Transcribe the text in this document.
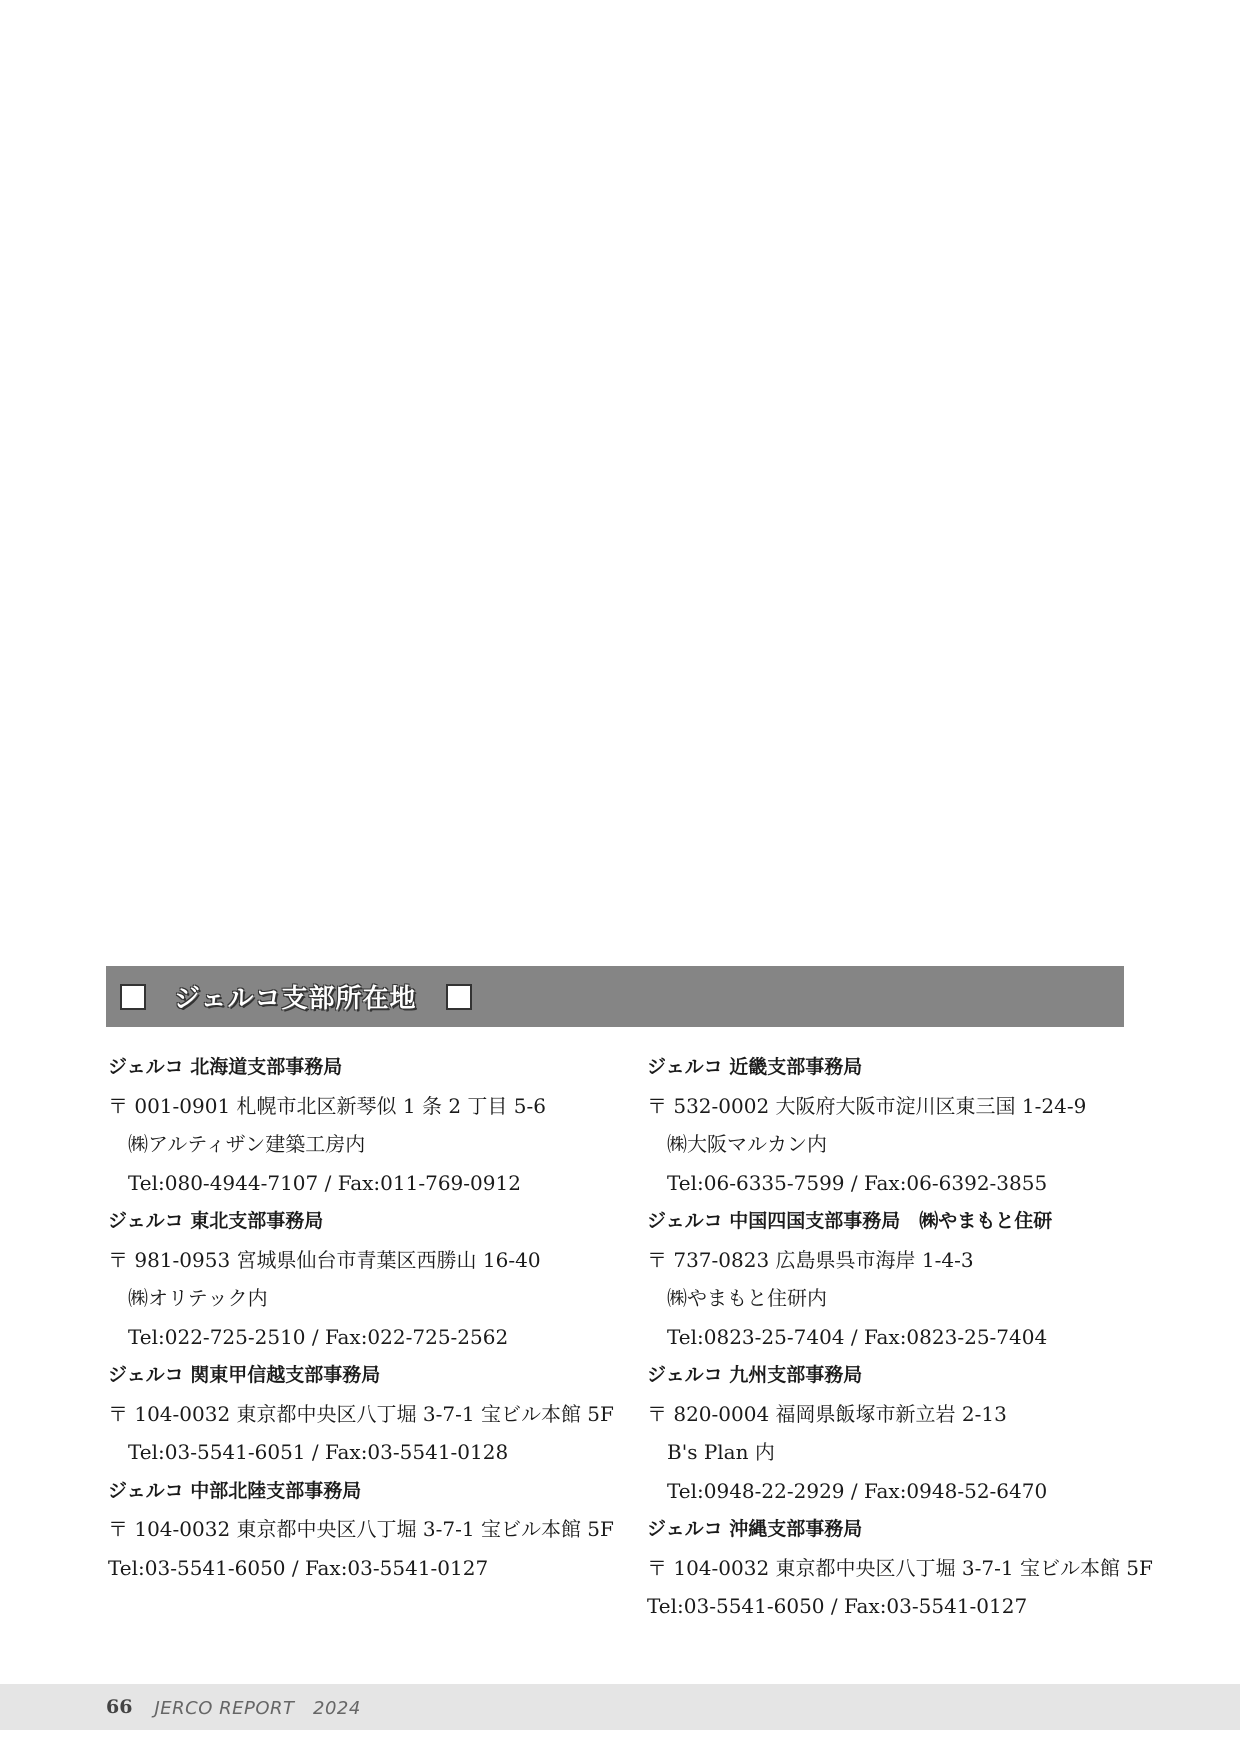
ジェルコ支部所在地
ジェルコ 北海道支部事務局
〒 001-0901 札幌市北区新琴似 1 条 2 丁目 5-6
㈱アルティザン建築工房内
Tel:080-4944-7107 / Fax:011-769-0912
ジェルコ 東北支部事務局
〒 981-0953 宮城県仙台市青葉区西勝山 16-40
㈱オリテック内
Tel:022-725-2510 / Fax:022-725-2562
ジェルコ 関東甲信越支部事務局
〒 104-0032 東京都中央区八丁堀 3-7-1 宝ビル本館 5F
Tel:03-5541-6051 / Fax:03-5541-0128
ジェルコ 中部北陸支部事務局
〒 104-0032 東京都中央区八丁堀 3-7-1 宝ビル本館 5F
Tel:03-5541-6050 / Fax:03-5541-0127
ジェルコ 近畿支部事務局
〒 532-0002 大阪府大阪市淀川区東三国 1-24-9
㈱大阪マルカン内
Tel:06-6335-7599 / Fax:06-6392-3855
ジェルコ 中国四国支部事務局　㈱やまもと住研
〒 737-0823 広島県呉市海岸 1-4-3
㈱やまもと住研内
Tel:0823-25-7404 / Fax:0823-25-7404
ジェルコ 九州支部事務局
〒 820-0004 福岡県飯塚市新立岩 2-13
B's Plan 内
Tel:0948-22-2929 / Fax:0948-52-6470
ジェルコ 沖縄支部事務局
〒 104-0032 東京都中央区八丁堀 3-7-1 宝ビル本館 5F
Tel:03-5541-6050 / Fax:03-5541-0127
66 JERCO REPORT　2024
